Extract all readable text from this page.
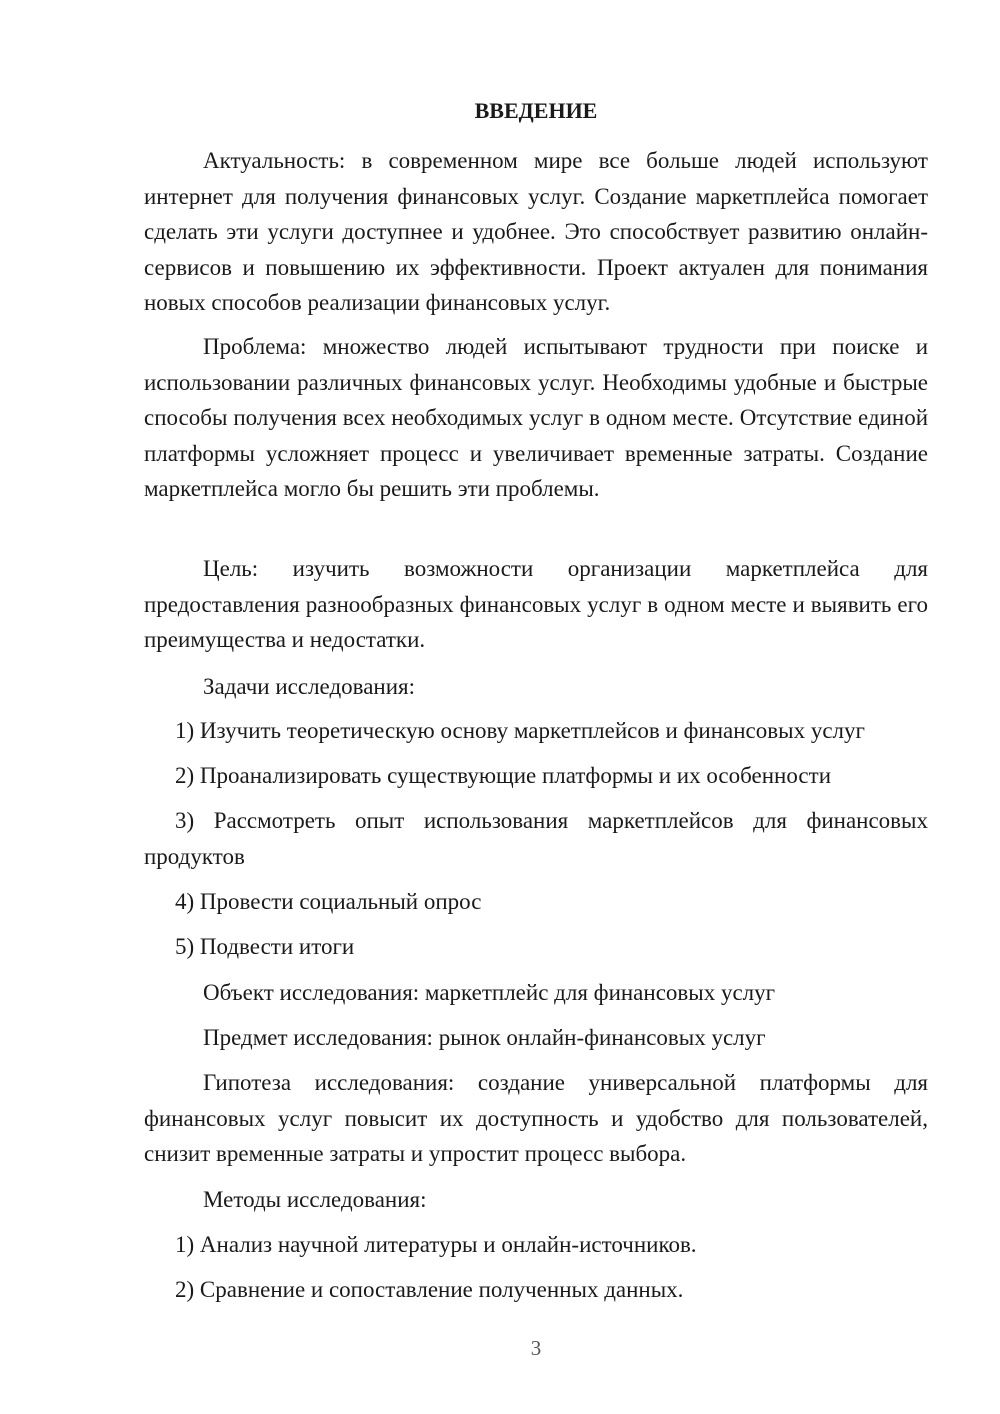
ВВЕДЕНИЕ

Актуальность: в современном мире все больше людей используют интернет для получения финансовых услуг. Создание маркетплейса помогает сделать эти услуги доступнее и удобнее. Это способствует развитию онлайн-сервисов и повышению их эффективности. Проект актуален для понимания новых способов реализации финансовых услуг.

Проблема: множество людей испытывают трудности при поиске и использовании различных финансовых услуг. Необходимы удобные и быстрые способы получения всех необходимых услуг в одном месте. Отсутствие единой платформы усложняет процесс и увеличивает временные затраты. Создание маркетплейса могло бы решить эти проблемы.

Цель: изучить возможности организации маркетплейса для предоставления разнообразных финансовых услуг в одном месте и выявить его преимущества и недостатки.

Задачи исследования:

1) Изучить теоретическую основу маркетплейсов и финансовых услуг

2) Проанализировать существующие платформы и их особенности

3) Рассмотреть опыт использования маркетплейсов для финансовых продуктов

4) Провести социальный опрос

5) Подвести итоги

Объект исследования: маркетплейс для финансовых услуг

Предмет исследования: рынок онлайн-финансовых услуг

Гипотеза исследования: создание универсальной платформы для финансовых услуг повысит их доступность и удобство для пользователей, снизит временные затраты и упростит процесс выбора.

Методы исследования:

1) Анализ научной литературы и онлайн-источников.

2) Сравнение и сопоставление полученных данных.

3
